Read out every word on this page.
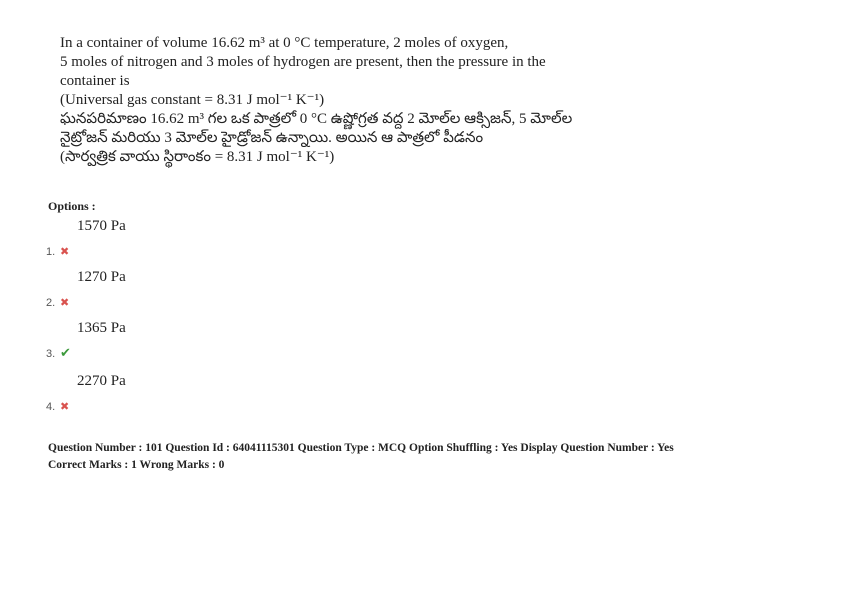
In a container of volume 16.62 m³ at 0 °C temperature, 2 moles of oxygen,
5 moles of nitrogen and 3 moles of hydrogen are present, then the pressure in the
container is
(Universal gas constant = 8.31 J mol⁻¹ K⁻¹)
ఘనపరిమాణం 16.62 m³ గల ఒక పాత్రలో 0 °C ఉష్ణోగ్రత వద్ద 2 మోల్‌ల ఆక్సిజన్, 5 మోల్‌ల
నైట్రోజన్ మరియు 3 మోల్‌ల హైడ్రోజన్ ఉన్నాయి. అయిన ఆ పాత్రలో పీడనం
(సార్వత్రిక వాయు స్థిరాంకం = 8.31 J mol⁻¹ K⁻¹)
Options :
1. ✖
1570 Pa
2. ✖
1270 Pa
3. ✔
1365 Pa
4. ✖
2270 Pa
Question Number : 101 Question Id : 64041115301 Question Type : MCQ Option Shuffling : Yes Display Question Number : Yes
Correct Marks : 1 Wrong Marks : 0
